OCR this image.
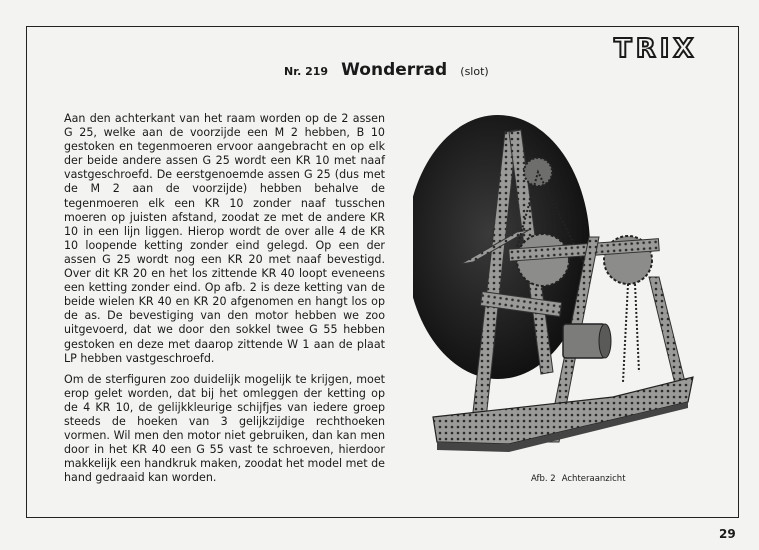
TRIX
Nr. 219 Wonderrad (slot)

Aan den achterkant van het raam worden op de 2 assen G 25, welke aan de voorzijde een M 2 hebben, B 10 gestoken en tegenmoeren ervoor aangebracht en op elk der beide andere assen G 25 wordt een KR 10 met naaf vastgeschroefd. De eerstgenoemde assen G 25 (dus met de M 2 aan de voorzijde) hebben behalve de tegenmoeren elk een KR 10 zonder naaf tusschen moeren op juisten afstand, zoodat ze met de andere KR 10 in een lijn liggen. Hierop wordt de over alle 4 de KR 10 loopende ketting zonder eind gelegd. Op een der assen G 25 wordt nog een KR 20 met naaf bevestigd. Over dit KR 20 en het los zittende KR 40 loopt eveneens een ketting zonder eind. Op afb. 2 is deze ketting van de beide wielen KR 40 en KR 20 afgenomen en hangt los op de as. De bevestiging van den motor hebben we zoo uitgevoerd, dat we door den sokkel twee G 55 hebben gestoken en deze met daarop zittende W 1 aan de plaat LP hebben vastgeschroefd.

Om de sterfiguren zoo duidelijk mogelijk te krijgen, moet erop gelet worden, dat bij het omleggen der ketting op de 4 KR 10, de gelijkkleurige schijfjes van iedere groep steeds de hoeken van 3 gelijkzijdige rechthoeken vormen. Wil men den motor niet gebruiken, dan kan men door in het KR 40 een G 55 vast te schroeven, hierdoor makkelijk een handkruk maken, zoodat het model met de hand gedraaid kan worden.	Afb. 2 Achteraanzicht
29
